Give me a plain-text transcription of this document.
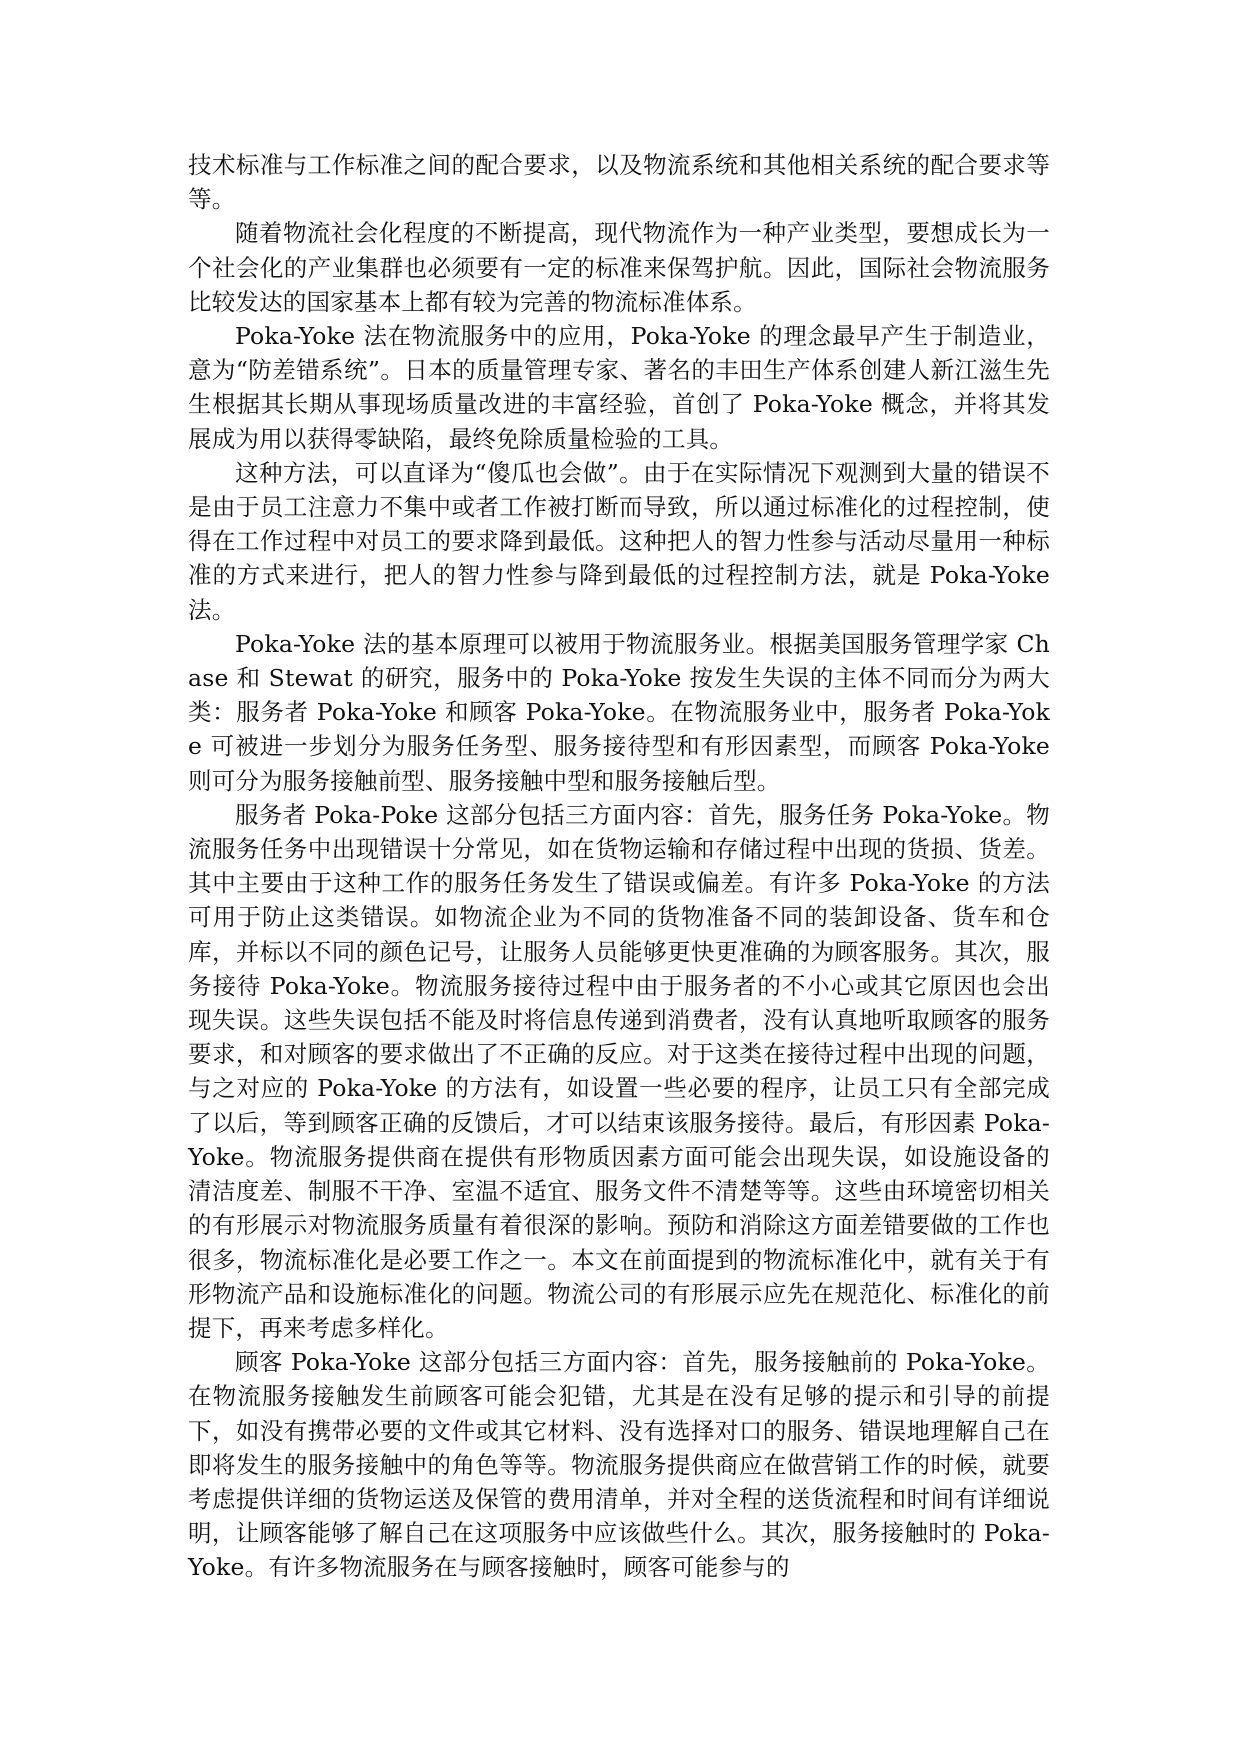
技术标准与工作标准之间的配合要求，以及物流系统和其他相关系统的配合要求等等。

随着物流社会化程度的不断提高，现代物流作为一种产业类型，要想成长为一个社会化的产业集群也必须要有一定的标准来保驾护航。因此，国际社会物流服务比较发达的国家基本上都有较为完善的物流标准体系。

Poka-Yoke 法在物流服务中的应用，Poka-Yoke 的理念最早产生于制造业，意为“防差错系统”。日本的质量管理专家、著名的丰田生产体系创建人新江滋生先生根据其长期从事现场质量改进的丰富经验，首创了 Poka-Yoke 概念，并将其发展成为用以获得零缺陷，最终免除质量检验的工具。

这种方法，可以直译为“傻瓜也会做”。由于在实际情况下观测到大量的错误不是由于员工注意力不集中或者工作被打断而导致，所以通过标准化的过程控制，使得在工作过程中对员工的要求降到最低。这种把人的智力性参与活动尽量用一种标准的方式来进行，把人的智力性参与降到最低的过程控制方法，就是 Poka-Yoke 法。

Poka-Yoke 法的基本原理可以被用于物流服务业。根据美国服务管理学家 Chase 和 Stewat 的研究，服务中的 Poka-Yoke 按发生失误的主体不同而分为两大类：服务者 Poka-Yoke 和顾客 Poka-Yoke。在物流服务业中，服务者 Poka-Yoke 可被进一步划分为服务任务型、服务接待型和有形因素型，而顾客 Poka-Yoke 则可分为服务接触前型、服务接触中型和服务接触后型。

服务者 Poka-Poke 这部分包括三方面内容：首先，服务任务 Poka-Yoke。物流服务任务中出现错误十分常见，如在货物运输和存储过程中出现的货损、货差。其中主要由于这种工作的服务任务发生了错误或偏差。有许多 Poka-Yoke 的方法可用于防止这类错误。如物流企业为不同的货物准备不同的装卸设备、货车和仓库，并标以不同的颜色记号，让服务人员能够更快更准确的为顾客服务。其次，服务接待 Poka-Yoke。物流服务接待过程中由于服务者的不小心或其它原因也会出现失误。这些失误包括不能及时将信息传递到消费者，没有认真地听取顾客的服务要求，和对顾客的要求做出了不正确的反应。对于这类在接待过程中出现的问题，与之对应的 Poka-Yoke 的方法有，如设置一些必要的程序，让员工只有全部完成了以后，等到顾客正确的反馈后，才可以结束该服务接待。最后，有形因素 Poka-Yoke。物流服务提供商在提供有形物质因素方面可能会出现失误，如设施设备的清洁度差、制服不干净、室温不适宜、服务文件不清楚等等。这些由环境密切相关的有形展示对物流服务质量有着很深的影响。预防和消除这方面差错要做的工作也很多，物流标准化是必要工作之一。本文在前面提到的物流标准化中，就有关于有形物流产品和设施标准化的问题。物流公司的有形展示应先在规范化、标准化的前提下，再来考虑多样化。

顾客 Poka-Yoke 这部分包括三方面内容：首先，服务接触前的 Poka-Yoke。在物流服务接触发生前顾客可能会犯错，尤其是在没有足够的提示和引导的前提下，如没有携带必要的文件或其它材料、没有选择对口的服务、错误地理解自己在即将发生的服务接触中的角色等等。物流服务提供商应在做营销工作的时候，就要考虑提供详细的货物运送及保管的费用清单，并对全程的送货流程和时间有详细说明，让顾客能够了解自己在这项服务中应该做些什么。其次，服务接触时的 Poka-Yoke。有许多物流服务在与顾客接触时，顾客可能参与的
